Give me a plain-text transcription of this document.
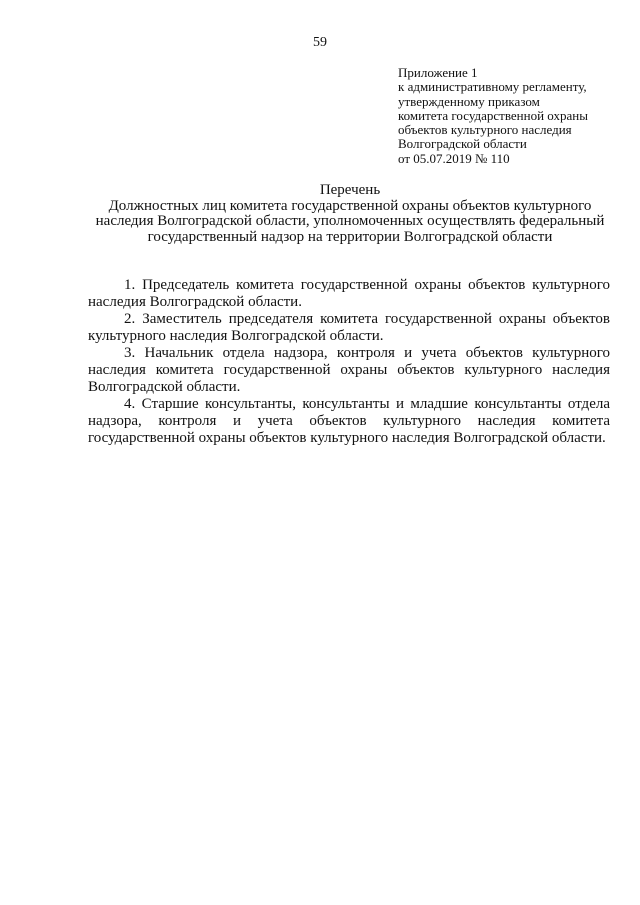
59
Приложение 1
к административному регламенту,
утвержденному приказом
комитета государственной охраны
объектов культурного наследия
Волгоградской области
от 05.07.2019 № 110
Перечень
Должностных лиц комитета государственной охраны объектов культурного
наследия Волгоградской области, уполномоченных осуществлять федеральный
государственный надзор на территории Волгоградской области

1. Председатель комитета государственной охраны объектов культурного наследия Волгоградской области.

2. Заместитель председателя комитета государственной охраны объектов культурного наследия Волгоградской области.

3. Начальник отдела надзора, контроля и учета объектов культурного наследия комитета государственной охраны объектов культурного наследия Волгоградской области.

4. Старшие консультанты, консультанты и младшие консультанты отдела надзора, контроля и учета объектов культурного наследия комитета государственной охраны объектов культурного наследия Волгоградской области.
